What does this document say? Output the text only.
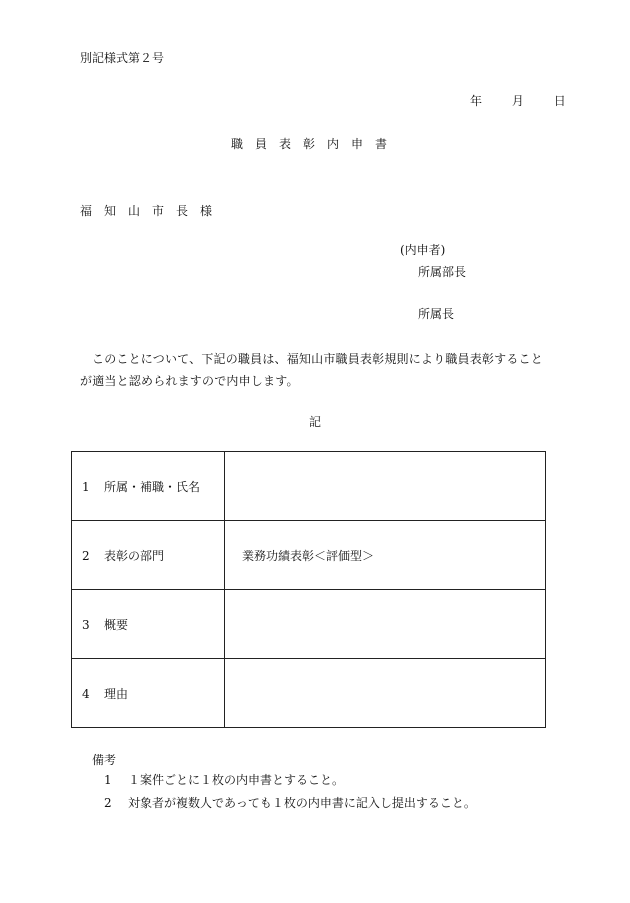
別記様式第２号
年 月 日
職員表彰内申書
福知山市長様
(内申者)
所属部長
所属長
このことについて、下記の職員は、福知山市職員表彰規則により職員表彰することが適当と認められますので内申します。
記
1 所属・補職・氏名	
2 表彰の部門	業務功績表彰＜評価型＞
3 概要	
4 理由	
備考
1 １案件ごとに１枚の内申書とすること。
2 対象者が複数人であっても１枚の内申書に記入し提出すること。
